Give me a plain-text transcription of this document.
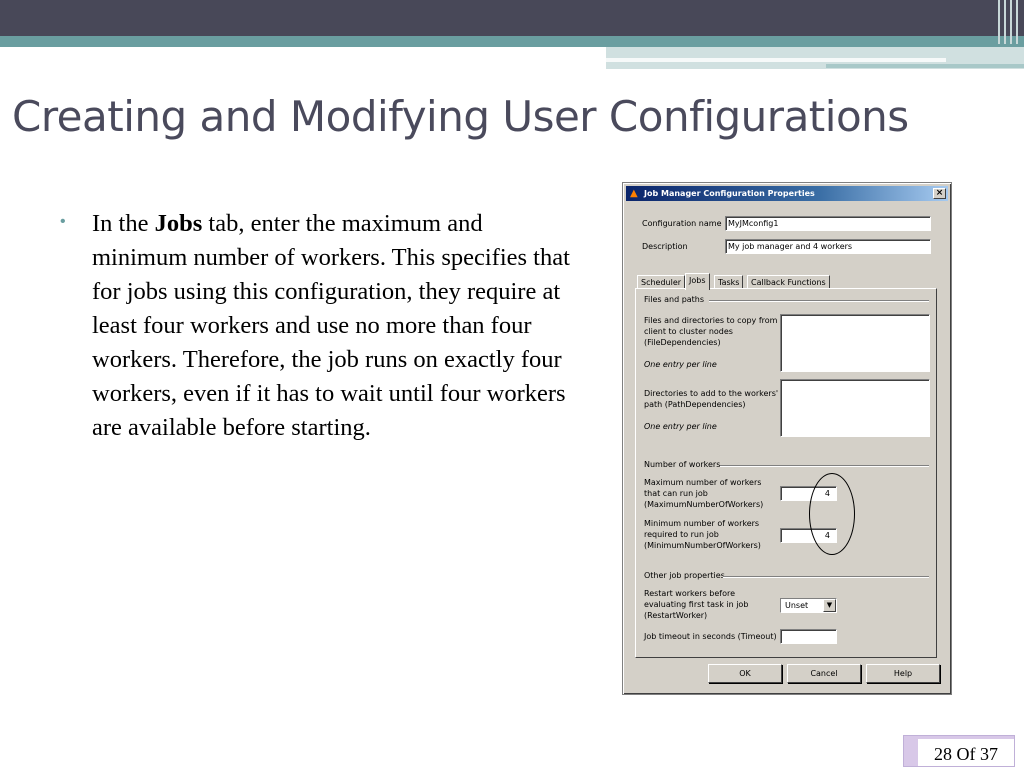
Creating and Modifying User Configurations
• In the Jobs tab, enter the maximum and minimum number of workers. This specifies that for jobs using this configuration, they require at least four workers and use no more than four workers. Therefore, the job runs on exactly four workers, even if it has to wait until four workers are available before starting.

▲ Job Manager Configuration Properties	×
Configuration name MyJMconfig1
Description	My job manager and 4 workers
Scheduler Jobs	Tasks	Callback Functions
Files and paths
Files and directories to copy from
client to cluster nodes
(FileDependencies)
One entry per line
Directories to add to the workers'
path (PathDependencies)
One entry per line
Number of workers
Maximum number of workers
that can run job
(MaximumNumberOfWorkers)
4
Minimum number of workers
required to run job
(MinimumNumberOfWorkers)
4
Other job properties
Restart workers before
evaluating first task in job
(RestartWorker)
Unset	▼
Job timeout in seconds (Timeout)
OK	Cancel	Help
28 Of 37
